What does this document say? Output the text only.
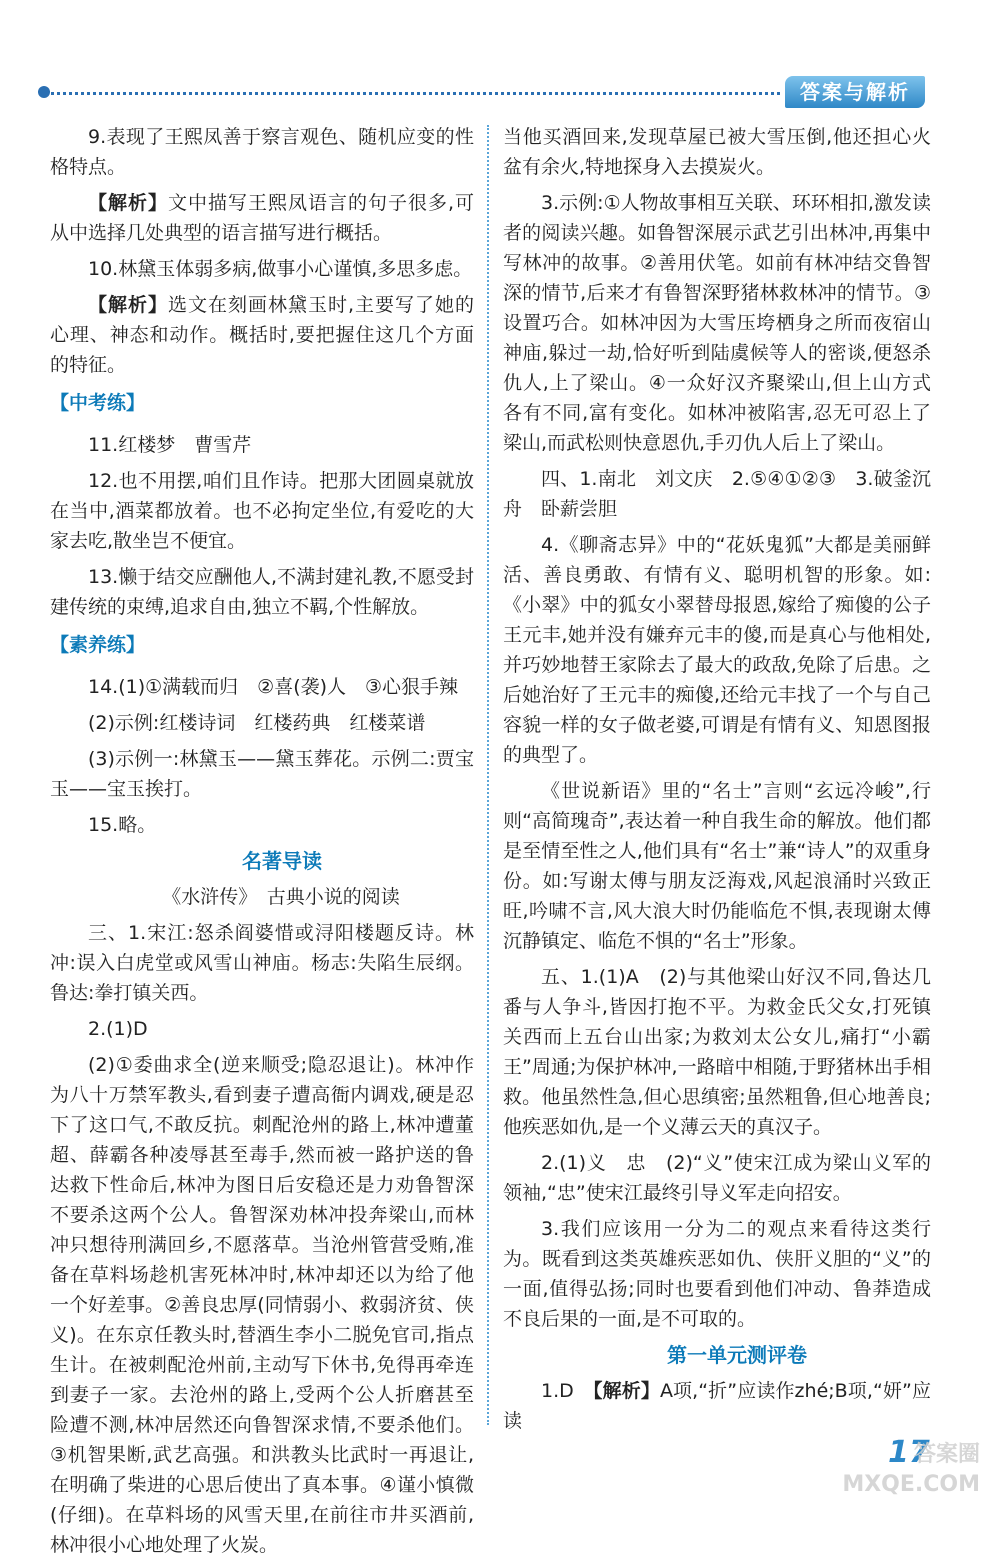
答案与解析

9.表现了王熙凤善于察言观色、随机应变的性格特点。

【解析】文中描写王熙凤语言的句子很多,可从中选择几处典型的语言描写进行概括。

10.林黛玉体弱多病,做事小心谨慎,多思多虑。

【解析】选文在刻画林黛玉时,主要写了她的心理、神态和动作。概括时,要把握住这几个方面的特征。

【 中考练 】

11.红楼梦　曹雪芹

12.也不用摆,咱们且作诗。把那大团圆桌就放在当中,酒菜都放着。也不必拘定坐位,有爱吃的大家去吃,散坐岂不便宜。

13.懒于结交应酬他人,不满封建礼教,不愿受封建传统的束缚,追求自由,独立不羁,个性解放。

【 素养练 】

14.(1)①满载而归　②喜(袭)人　③心狠手辣

(2)示例:红楼诗词　红楼药典　红楼菜谱

(3)示例一:林黛玉——黛玉葬花。示例二:贾宝玉——宝玉挨打。

15.略。

名著导读

《水浒传》　古典小说的阅读

三、1.宋江:怒杀阎婆惜或浔阳楼题反诗。林冲:误入白虎堂或风雪山神庙。杨志:失陷生辰纲。鲁达:拳打镇关西。

2.(1)D

(2)①委曲求全(逆来顺受;隐忍退让)。林冲作为八十万禁军教头,看到妻子遭高衙内调戏,硬是忍下了这口气,不敢反抗。刺配沧州的路上,林冲遭董超、薛霸各种凌辱甚至毒手,然而被一路护送的鲁达救下性命后,林冲为图日后安稳还是力劝鲁智深不要杀这两个公人。鲁智深劝林冲投奔梁山,而林冲只想待刑满回乡,不愿落草。当沧州管营受贿,准备在草料场趁机害死林冲时,林冲却还以为给了他一个好差事。②善良忠厚(同情弱小、救弱济贫、侠义)。在东京任教头时,替酒生李小二脱免官司,指点生计。在被刺配沧州前,主动写下休书,免得再牵连到妻子一家。去沧州的路上,受两个公人折磨甚至险遭不测,林冲居然还向鲁智深求情,不要杀他们。③机智果断,武艺高强。和洪教头比武时一再退让,在明确了柴进的心思后使出了真本事。④谨小慎微(仔细)。在草料场的风雪天里,在前往市井买酒前,林冲很小心地处理了火炭。

当他买酒回来,发现草屋已被大雪压倒,他还担心火盆有余火,特地探身入去摸炭火。

3.示例:①人物故事相互关联、环环相扣,激发读者的阅读兴趣。如鲁智深展示武艺引出林冲,再集中写林冲的故事。②善用伏笔。如前有林冲结交鲁智深的情节,后来才有鲁智深野猪林救林冲的情节。③设置巧合。如林冲因为大雪压垮栖身之所而夜宿山神庙,躲过一劫,恰好听到陆虞候等人的密谈,便怒杀仇人,上了梁山。④一众好汉齐聚梁山,但上山方式各有不同,富有变化。如林冲被陷害,忍无可忍上了梁山,而武松则快意恩仇,手刃仇人后上了梁山。

四、1.南北　刘文庆　2.⑤④①②③　3.破釜沉舟　卧薪尝胆

4.《聊斋志异》中的“花妖鬼狐”大都是美丽鲜活、善良勇敢、有情有义、聪明机智的形象。如:《小翠》中的狐女小翠替母报恩,嫁给了痴傻的公子王元丰,她并没有嫌弃元丰的傻,而是真心与他相处,并巧妙地替王家除去了最大的政敌,免除了后患。之后她治好了王元丰的痴傻,还给元丰找了一个与自己容貌一样的女子做老婆,可谓是有情有义、知恩图报的典型了。

《世说新语》里的“名士”言则“玄远冷峻”,行则“高简瑰奇”,表达着一种自我生命的解放。他们都是至情至性之人,他们具有“名士”兼“诗人”的双重身份。如:写谢太傅与朋友泛海戏,风起浪涌时兴致正旺,吟啸不言,风大浪大时仍能临危不惧,表现谢太傅沉静镇定、临危不惧的“名士”形象。

五、1.(1)A　(2)与其他梁山好汉不同,鲁达几番与人争斗,皆因打抱不平。为救金氏父女,打死镇关西而上五台山出家;为救刘太公女儿,痛打“小霸王”周通;为保护林冲,一路暗中相随,于野猪林出手相救。他虽然性急,但心思缜密;虽然粗鲁,但心地善良;他疾恶如仇,是一个义薄云天的真汉子。

2.(1)义　忠　(2)“义”使宋江成为梁山义军的领袖,“忠”使宋江最终引导义军走向招安。

3.我们应该用一分为二的观点来看待这类行为。既看到这类英雄疾恶如仇、侠肝义胆的“义”的一面,值得弘扬;同时也要看到他们冲动、鲁莽造成不良后果的一面,是不可取的。

第一单元测评卷

1.D　【解析】A项,“折”应读作zhé;B项,“妍”应读

17
答案圈
MXQE.COM
